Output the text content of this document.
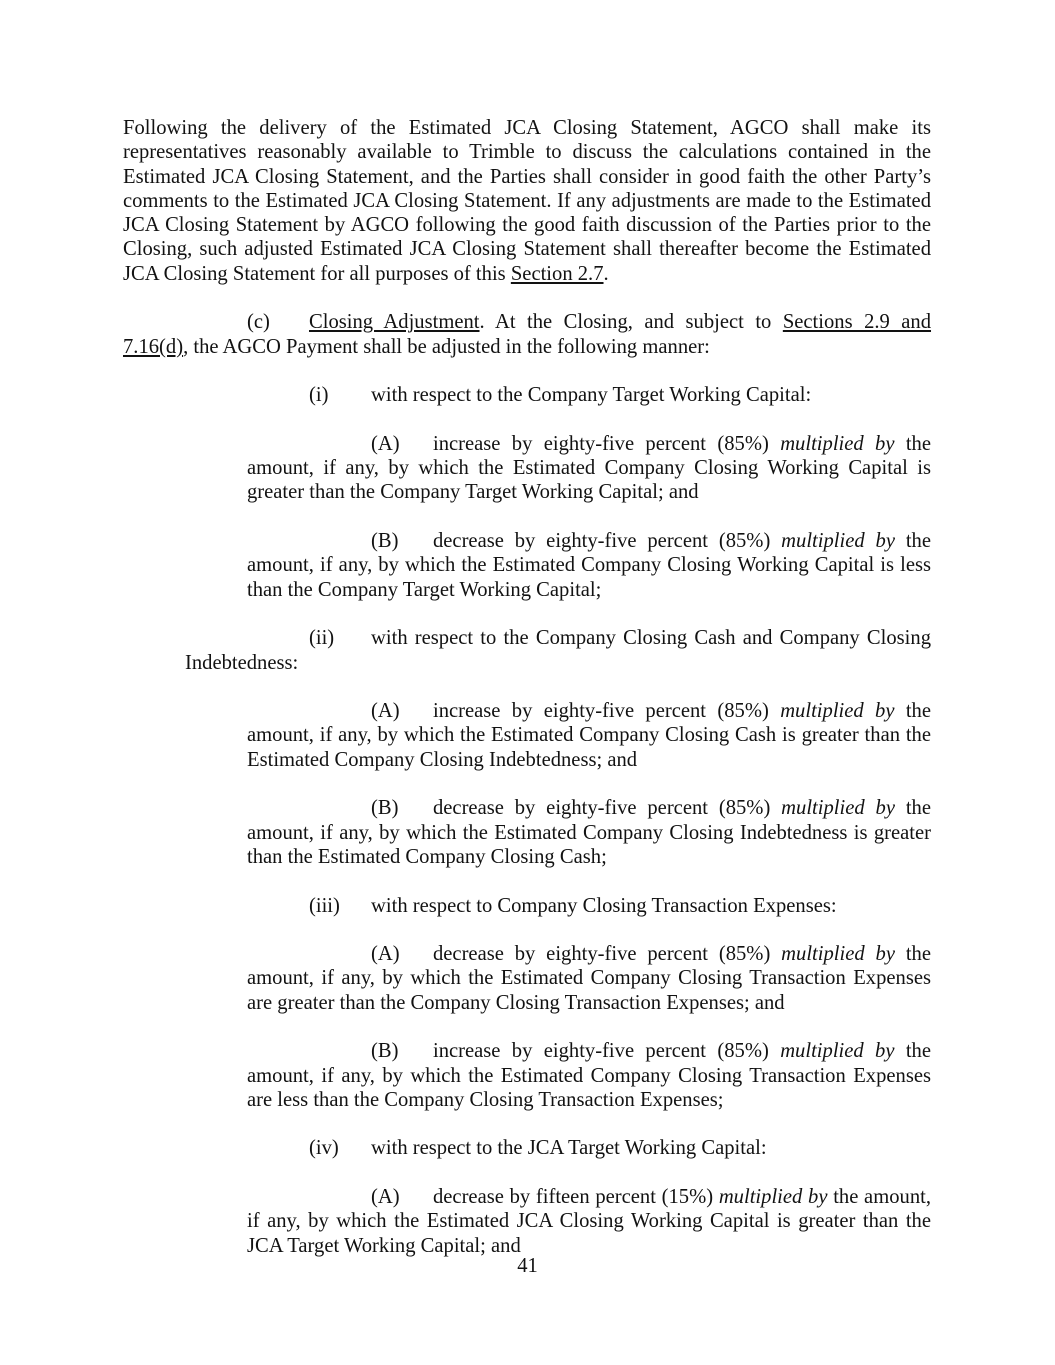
Following the delivery of the Estimated JCA Closing Statement, AGCO shall make its representatives reasonably available to Trimble to discuss the calculations contained in the Estimated JCA Closing Statement, and the Parties shall consider in good faith the other Party’s comments to the Estimated JCA Closing Statement. If any adjustments are made to the Estimated JCA Closing Statement by AGCO following the good faith discussion of the Parties prior to the Closing, such adjusted Estimated JCA Closing Statement shall thereafter become the Estimated JCA Closing Statement for all purposes of this Section 2.7.

(c) Closing Adjustment. At the Closing, and subject to Sections 2.9 and 7.16(d), the AGCO Payment shall be adjusted in the following manner:

(i) with respect to the Company Target Working Capital:

(A) increase by eighty-five percent (85%) multiplied by the amount, if any, by which the Estimated Company Closing Working Capital is greater than the Company Target Working Capital; and

(B) decrease by eighty-five percent (85%) multiplied by the amount, if any, by which the Estimated Company Closing Working Capital is less than the Company Target Working Capital;

(ii) with respect to the Company Closing Cash and Company Closing Indebtedness:

(A) increase by eighty-five percent (85%) multiplied by the amount, if any, by which the Estimated Company Closing Cash is greater than the Estimated Company Closing Indebtedness; and

(B) decrease by eighty-five percent (85%) multiplied by the amount, if any, by which the Estimated Company Closing Indebtedness is greater than the Estimated Company Closing Cash;

(iii) with respect to Company Closing Transaction Expenses:

(A) decrease by eighty-five percent (85%) multiplied by the amount, if any, by which the Estimated Company Closing Transaction Expenses are greater than the Company Closing Transaction Expenses; and

(B) increase by eighty-five percent (85%) multiplied by the amount, if any, by which the Estimated Company Closing Transaction Expenses are less than the Company Closing Transaction Expenses;

(iv) with respect to the JCA Target Working Capital:

(A) decrease by fifteen percent (15%) multiplied by the amount, if any, by which the Estimated JCA Closing Working Capital is greater than the JCA Target Working Capital; and

41
